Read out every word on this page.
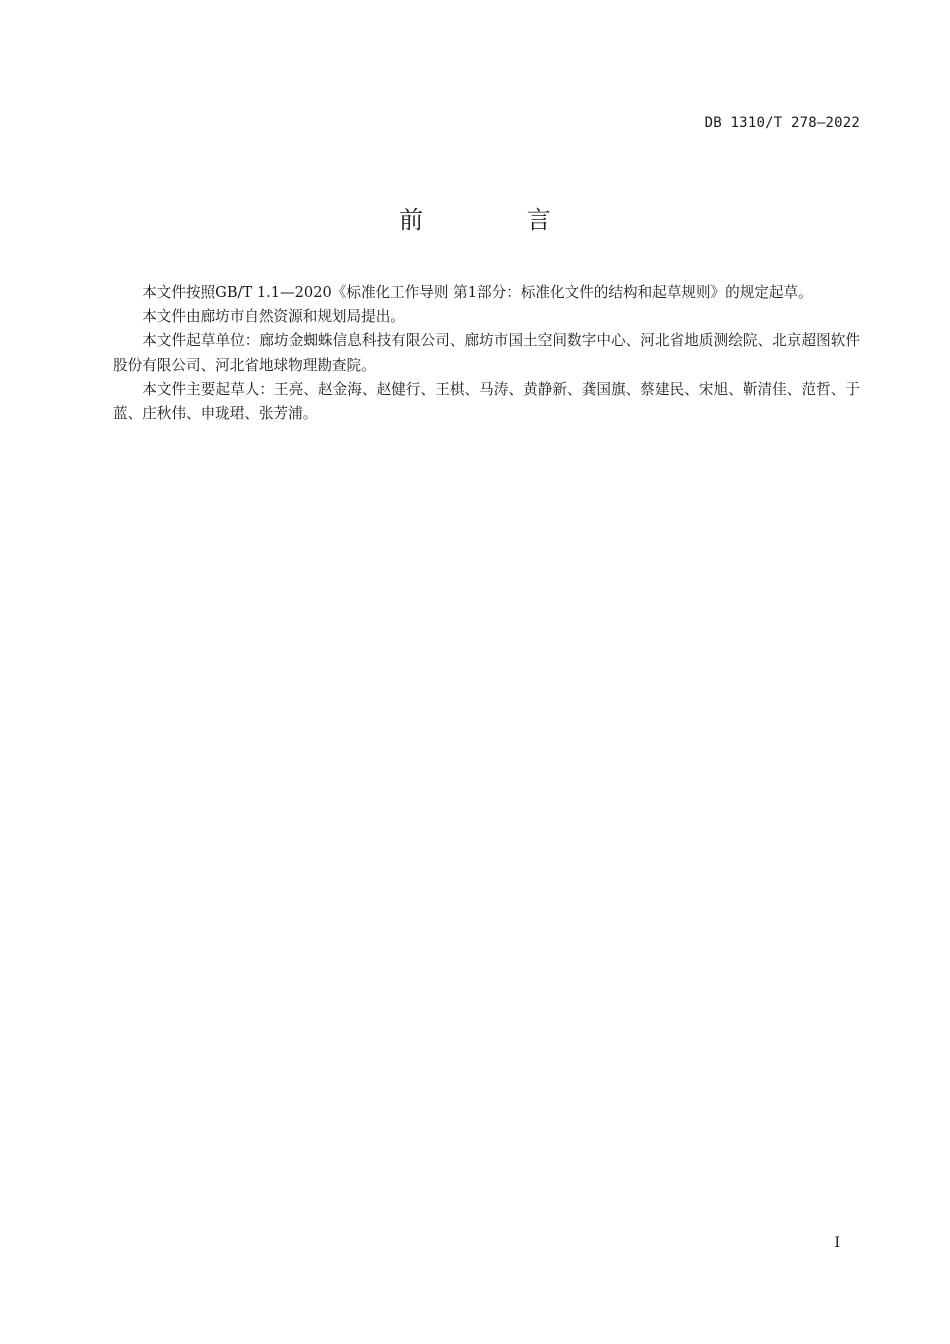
DB 1310/T 278—2022
前 言

本文件按照GB/T 1.1—2020《标准化工作导则 第1部分：标准化文件的结构和起草规则》的规定起草。

本文件由廊坊市自然资源和规划局提出。

本文件起草单位：廊坊金蜘蛛信息科技有限公司、廊坊市国土空间数字中心、河北省地质测绘院、北京超图软件股份有限公司、河北省地球物理勘查院。

本文件主要起草人：王亮、赵金海、赵健行、王棋、马涛、黄静新、龚国旗、蔡建民、宋旭、靳清佳、范哲、于蓝、庄秋伟、申珑珺、张芳浦。

I
